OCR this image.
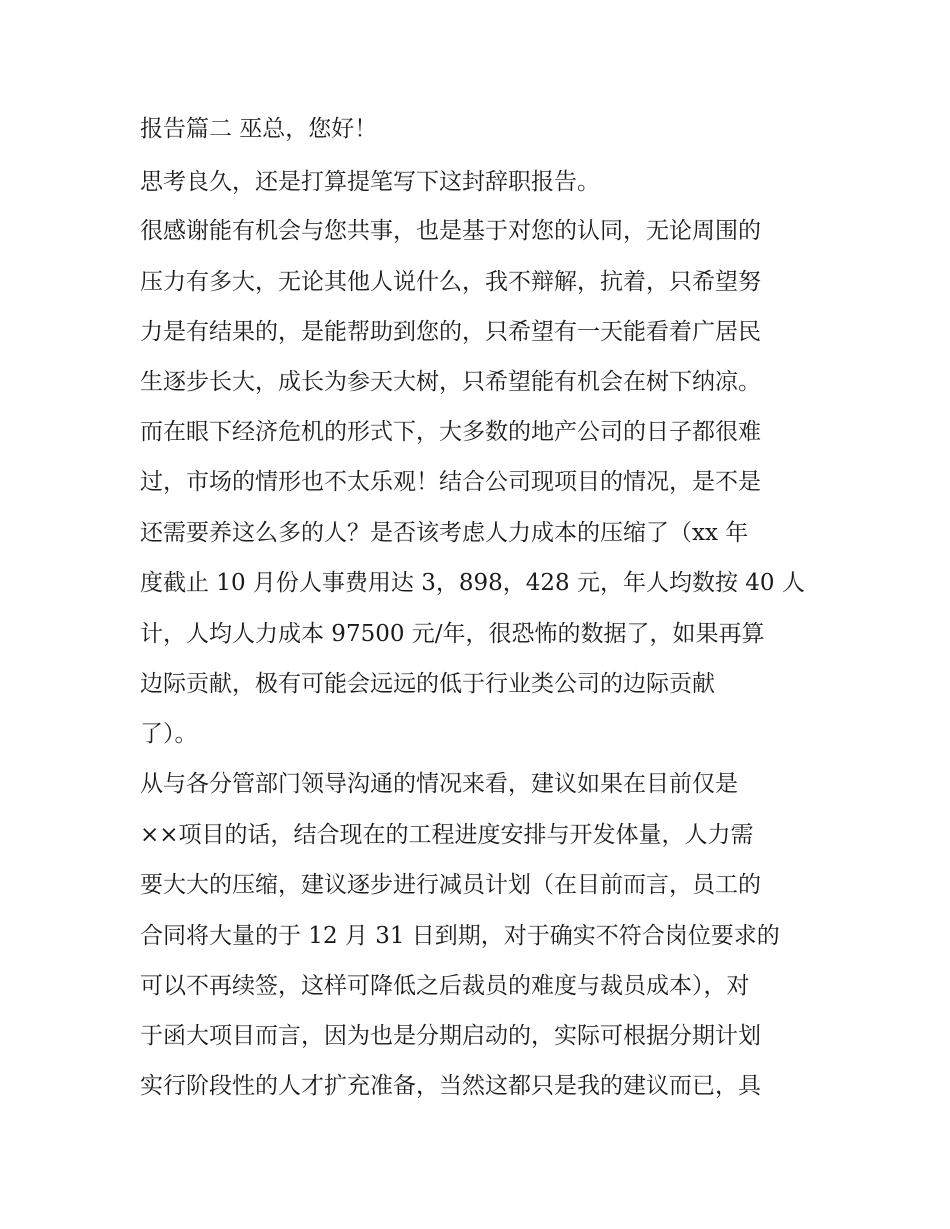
报告篇二 巫总，您好！

思考良久，还是打算提笔写下这封辞职报告。

很感谢能有机会与您共事，也是基于对您的认同，无论周围的

压力有多大，无论其他人说什么，我不辩解，抗着，只希望努

力是有结果的，是能帮助到您的，只希望有一天能看着广居民

生逐步长大，成长为参天大树，只希望能有机会在树下纳凉。

而在眼下经济危机的形式下，大多数的地产公司的日子都很难

过，市场的情形也不太乐观！结合公司现项目的情况，是不是

还需要养这么多的人？是否该考虑人力成本的压缩了（xx 年

度截止 10 月份人事费用达 3，898，428 元，年人均数按 40 人

计，人均人力成本 97500 元/年，很恐怖的数据了，如果再算

边际贡献，极有可能会远远的低于行业类公司的边际贡献

了）。

从与各分管部门领导沟通的情况来看，建议如果在目前仅是

××项目的话，结合现在的工程进度安排与开发体量，人力需

要大大的压缩，建议逐步进行减员计划（在目前而言，员工的

合同将大量的于 12 月 31 日到期，对于确实不符合岗位要求的

可以不再续签，这样可降低之后裁员的难度与裁员成本），对

于函大项目而言，因为也是分期启动的，实际可根据分期计划

实行阶段性的人才扩充准备，当然这都只是我的建议而已，具
